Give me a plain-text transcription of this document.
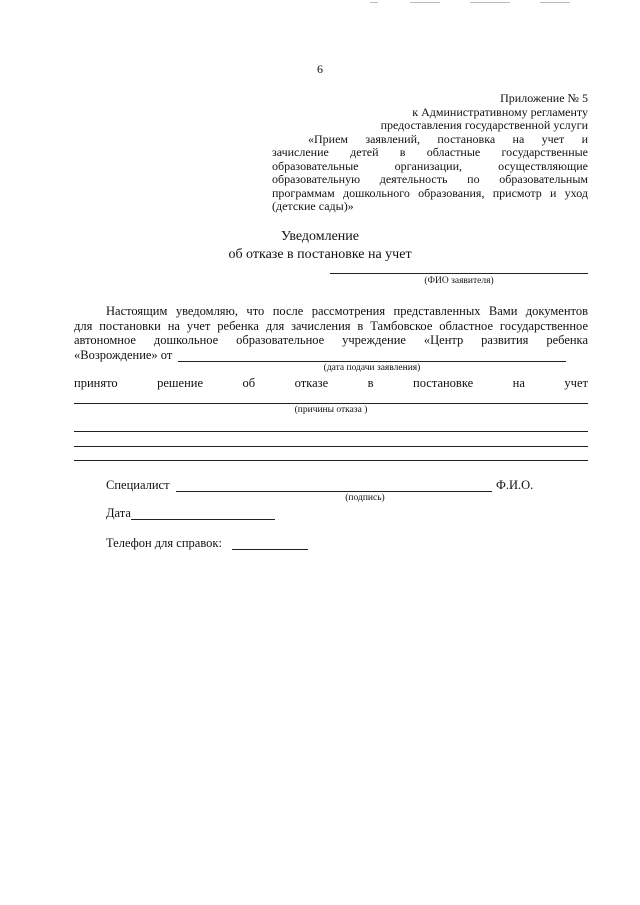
6
Приложение № 5
к Административному регламенту
предоставления государственной услуги
«Прием заявлений, постановка на учет и
зачисление детей в областные государственные
образовательные организации, осуществляющие
образовательную деятельность по образовательным
программам дошкольного образования, присмотр и уход
(детские сады)»
Уведомление
об отказе в постановке на учет
(ФИО заявителя)
Настоящим уведомляю, что после рассмотрения представленных Вами документов
для постановки на учет ребенка для зачисления в Тамбовское областное государственное
автономное дошкольное образовательное учреждение «Центр развития ребенка
«Возрождение» от
(дата подачи заявления)
принято	решение	об	отказе	в	постановке	на	учет
(причины отказа )
Специалист	Ф.И.О.
(подпись)
Дата
Телефон для справок:
